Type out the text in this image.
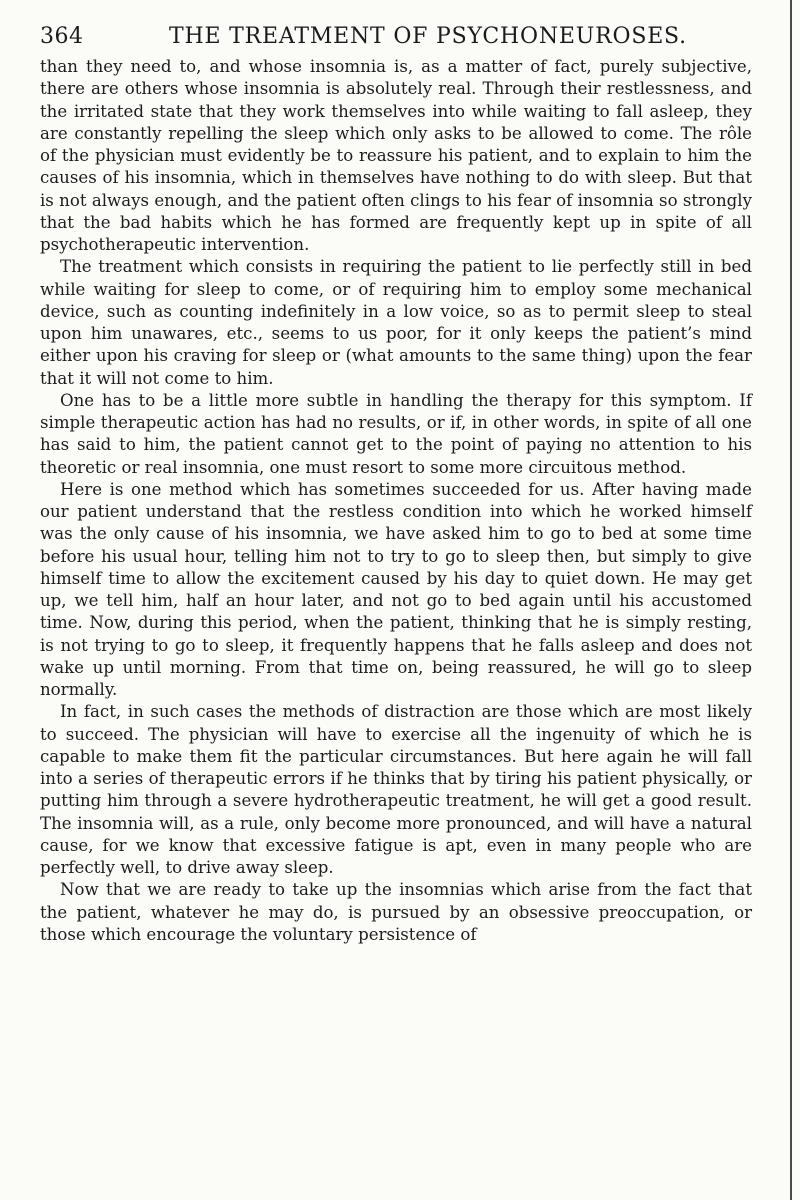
364	THE TREATMENT OF PSYCHONEUROSES.

than they need to, and whose insomnia is, as a matter of fact, purely subjective, there are others whose insomnia is absolutely real. Through their restlessness, and the irritated state that they work themselves into while waiting to fall asleep, they are constantly repelling the sleep which only asks to be allowed to come. The rôle of the physician must evidently be to reassure his patient, and to explain to him the causes of his insomnia, which in themselves have nothing to do with sleep. But that is not always enough, and the patient often clings to his fear of insomnia so strongly that the bad habits which he has formed are frequently kept up in spite of all psychotherapeutic intervention.

The treatment which consists in requiring the patient to lie perfectly still in bed while waiting for sleep to come, or of requiring him to employ some mechanical device, such as counting indefinitely in a low voice, so as to permit sleep to steal upon him unawares, etc., seems to us poor, for it only keeps the patient’s mind either upon his craving for sleep or (what amounts to the same thing) upon the fear that it will not come to him.

One has to be a little more subtle in handling the therapy for this symptom. If simple therapeutic action has had no results, or if, in other words, in spite of all one has said to him, the patient cannot get to the point of paying no attention to his theoretic or real insomnia, one must resort to some more circuitous method.

Here is one method which has sometimes succeeded for us. After having made our patient understand that the restless condition into which he worked himself was the only cause of his insomnia, we have asked him to go to bed at some time before his usual hour, telling him not to try to go to sleep then, but simply to give himself time to allow the excitement caused by his day to quiet down. He may get up, we tell him, half an hour later, and not go to bed again until his accustomed time. Now, during this period, when the patient, thinking that he is simply resting, is not trying to go to sleep, it frequently happens that he falls asleep and does not wake up until morning. From that time on, being reassured, he will go to sleep normally.

In fact, in such cases the methods of distraction are those which are most likely to succeed. The physician will have to exercise all the ingenuity of which he is capable to make them fit the particular circumstances. But here again he will fall into a series of therapeutic errors if he thinks that by tiring his patient physically, or putting him through a severe hydrotherapeutic treatment, he will get a good result. The insomnia will, as a rule, only become more pronounced, and will have a natural cause, for we know that excessive fatigue is apt, even in many people who are perfectly well, to drive away sleep.

Now that we are ready to take up the insomnias which arise from the fact that the patient, whatever he may do, is pursued by an obsessive preoccupation, or those which encourage the voluntary persistence of
